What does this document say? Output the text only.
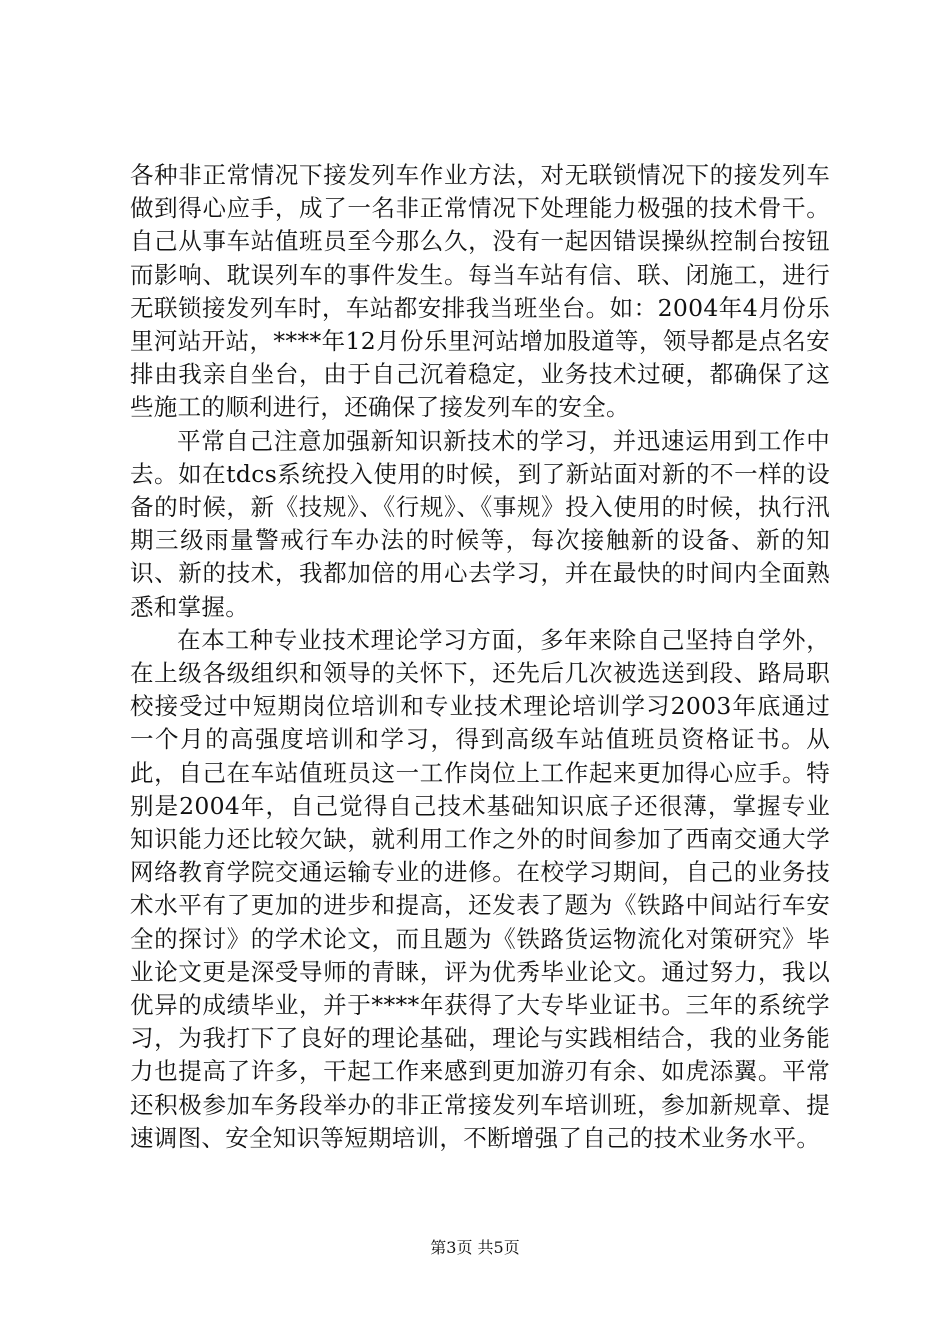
各种非正常情况下接发列车作业方法，对无联锁情况下的接发列车做到得心应手，成了一名非正常情况下处理能力极强的技术骨干。自己从事车站值班员至今那么久，没有一起因错误操纵控制台按钮而影响、耽误列车的事件发生。每当车站有信、联、闭施工，进行无联锁接发列车时，车站都安排我当班坐台。如：2004年4月份乐里河站开站，****年12月份乐里河站增加股道等，领导都是点名安排由我亲自坐台，由于自己沉着稳定，业务技术过硬，都确保了这些施工的顺利进行，还确保了接发列车的安全。

平常自己注意加强新知识新技术的学习，并迅速运用到工作中去。如在tdcs系统投入使用的时候，到了新站面对新的不一样的设备的时候，新《技规》、《行规》、《事规》投入使用的时候，执行汛期三级雨量警戒行车办法的时候等，每次接触新的设备、新的知识、新的技术，我都加倍的用心去学习，并在最快的时间内全面熟悉和掌握。

在本工种专业技术理论学习方面，多年来除自己坚持自学外，在上级各级组织和领导的关怀下，还先后几次被选送到段、路局职校接受过中短期岗位培训和专业技术理论培训学习2003年底通过一个月的高强度培训和学习，得到高级车站值班员资格证书。从此，自己在车站值班员这一工作岗位上工作起来更加得心应手。特别是2004年，自己觉得自己技术基础知识底子还很薄，掌握专业知识能力还比较欠缺，就利用工作之外的时间参加了西南交通大学网络教育学院交通运输专业的进修。在校学习期间，自己的业务技术水平有了更加的进步和提高，还发表了题为《铁路中间站行车安全的探讨》的学术论文，而且题为《铁路货运物流化对策研究》毕业论文更是深受导师的青睐，评为优秀毕业论文。通过努力，我以优异的成绩毕业，并于****年获得了大专毕业证书。三年的系统学习，为我打下了良好的理论基础，理论与实践相结合，我的业务能力也提高了许多，干起工作来感到更加游刃有余、如虎添翼。平常还积极参加车务段举办的非正常接发列车培训班，参加新规章、提速调图、安全知识等短期培训，不断增强了自己的技术业务水平。

第3页 共5页
